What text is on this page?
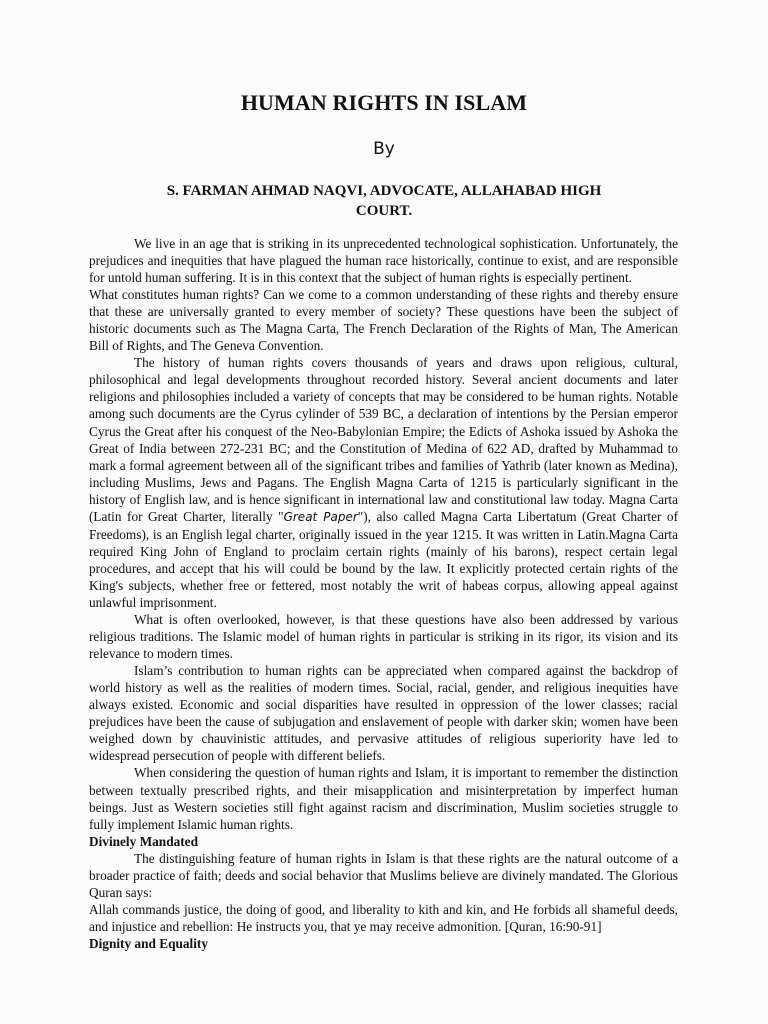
HUMAN RIGHTS IN ISLAM
By
S. FARMAN AHMAD NAQVI, ADVOCATE, ALLAHABAD HIGH COURT.

We live in an age that is striking in its unprecedented technological sophistication. Unfortunately, the prejudices and inequities that have plagued the human race historically, continue to exist, and are responsible for untold human suffering. It is in this context that the subject of human rights is especially pertinent.

What constitutes human rights? Can we come to a common understanding of these rights and thereby ensure that these are universally granted to every member of society? These questions have been the subject of historic documents such as The Magna Carta, The French Declaration of the Rights of Man, The American Bill of Rights, and The Geneva Convention.

The history of human rights covers thousands of years and draws upon religious, cultural, philosophical and legal developments throughout recorded history. Several ancient documents and later religions and philosophies included a variety of concepts that may be considered to be human rights. Notable among such documents are the Cyrus cylinder of 539 BC, a declaration of intentions by the Persian emperor Cyrus the Great after his conquest of the Neo-Babylonian Empire; the Edicts of Ashoka issued by Ashoka the Great of India between 272-231 BC; and the Constitution of Medina of 622 AD, drafted by Muhammad to mark a formal agreement between all of the significant tribes and families of Yathrib (later known as Medina), including Muslims, Jews and Pagans. The English Magna Carta of 1215 is particularly significant in the history of English law, and is hence significant in international law and constitutional law today. Magna Carta (Latin for Great Charter, literally "Great Paper"), also called Magna Carta Libertatum (Great Charter of Freedoms), is an English legal charter, originally issued in the year 1215. It was written in Latin.Magna Carta required King John of England to proclaim certain rights (mainly of his barons), respect certain legal procedures, and accept that his will could be bound by the law. It explicitly protected certain rights of the King's subjects, whether free or fettered, most notably the writ of habeas corpus, allowing appeal against unlawful imprisonment.

What is often overlooked, however, is that these questions have also been addressed by various religious traditions. The Islamic model of human rights in particular is striking in its rigor, its vision and its relevance to modern times.

Islam’s contribution to human rights can be appreciated when compared against the backdrop of world history as well as the realities of modern times. Social, racial, gender, and religious inequities have always existed. Economic and social disparities have resulted in oppression of the lower classes; racial prejudices have been the cause of subjugation and enslavement of people with darker skin; women have been weighed down by chauvinistic attitudes, and pervasive attitudes of religious superiority have led to widespread persecution of people with different beliefs.

When considering the question of human rights and Islam, it is important to remember the distinction between textually prescribed rights, and their misapplication and misinterpretation by imperfect human beings. Just as Western societies still fight against racism and discrimination, Muslim societies struggle to fully implement Islamic human rights.

Divinely Mandated

The distinguishing feature of human rights in Islam is that these rights are the natural outcome of a broader practice of faith; deeds and social behavior that Muslims believe are divinely mandated. The Glorious Quran says:

Allah commands justice, the doing of good, and liberality to kith and kin, and He forbids all shameful deeds, and injustice and rebellion: He instructs you, that ye may receive admonition. [Quran, 16:90-91]

Dignity and Equality
